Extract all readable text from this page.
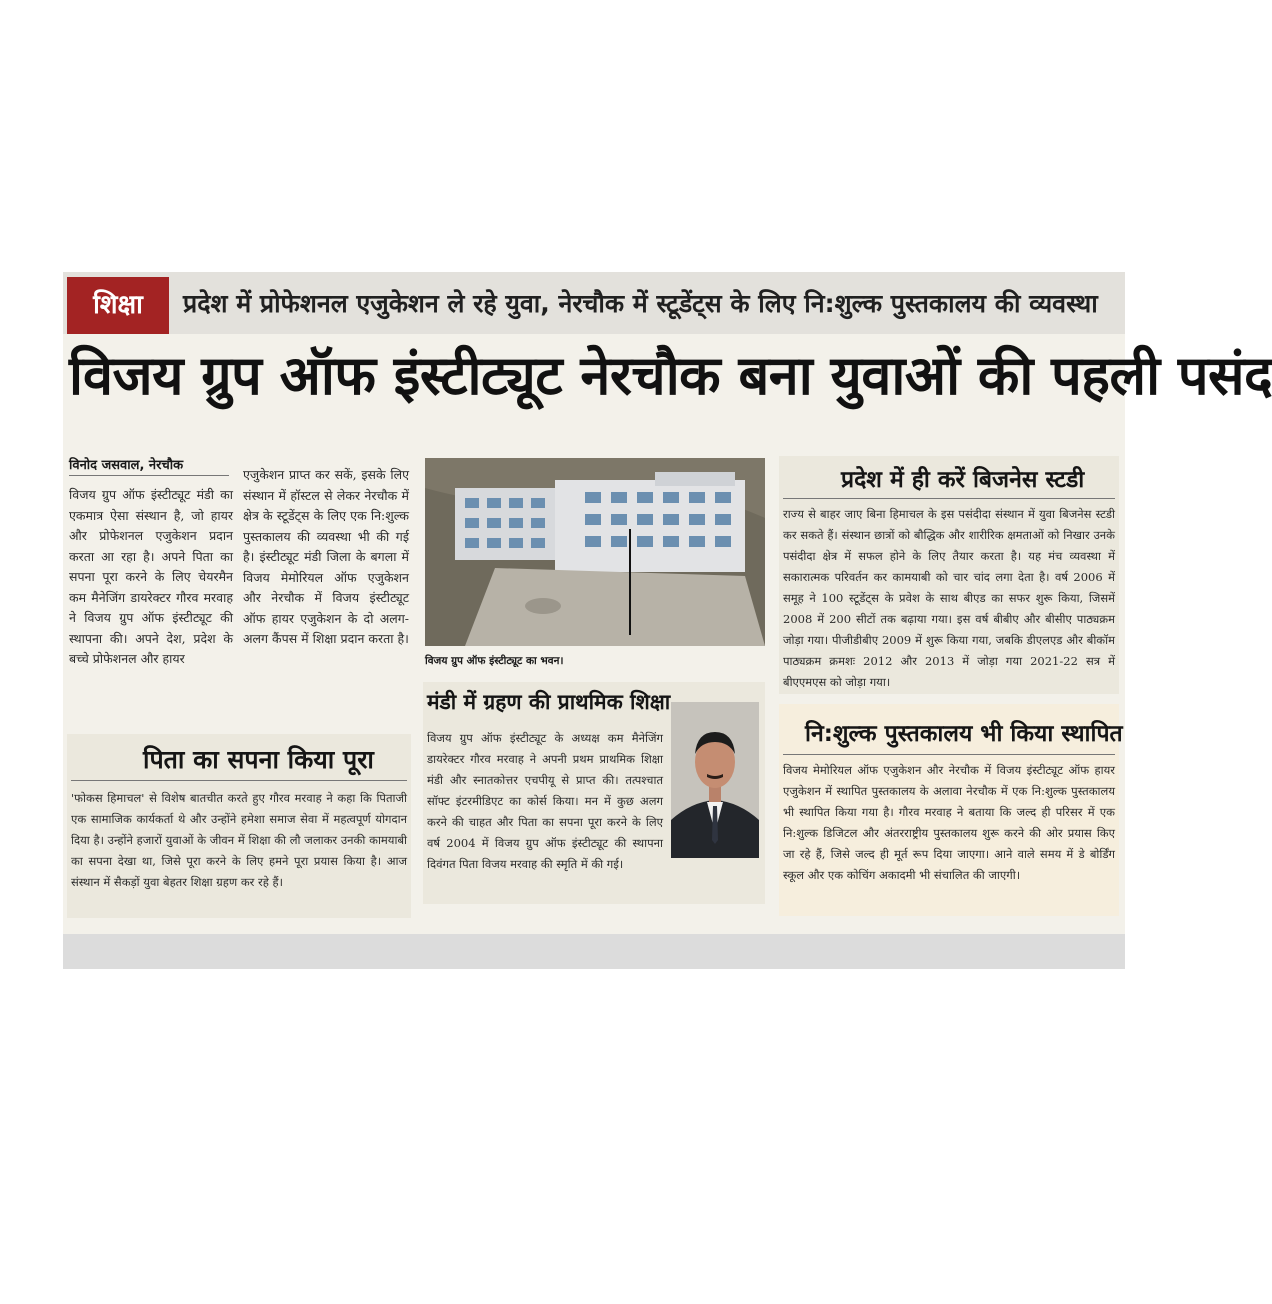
शिक्षा	प्रदेश में प्रोफेशनल एजुकेशन ले रहे युवा, नेरचौक में स्टूडेंट्स के लिए नि:शुल्क पुस्तकालय की व्यवस्था
विजय ग्रुप ऑफ इंस्टीट्यूट नेरचौक बना युवाओं की पहली पसंद
विनोद जसवाल, नेरचौक
विजय ग्रुप ऑफ इंस्टीट्यूट मंडी का एकमात्र ऐसा संस्थान है, जो हायर और प्रोफेशनल एजुकेशन प्रदान करता आ रहा है। अपने पिता का सपना पूरा करने के लिए चेयरमैन कम मैनेजिंग डायरेक्टर गौरव मरवाह ने विजय ग्रुप ऑफ इंस्टीट्यूट की स्थापना की। अपने देश, प्रदेश के बच्चे प्रोफेशनल और हायर
एजुकेशन प्राप्त कर सकें, इसके लिए संस्थान में हॉस्टल से लेकर नेरचौक में क्षेत्र के स्टूडेंट्स के लिए एक नि:शुल्क पुस्तकालय की व्यवस्था भी की गई है। इंस्टीट्यूट मंडी जिला के बगला में विजय मेमोरियल ऑफ एजुकेशन और नेरचौक में विजय इंस्टीट्यूट ऑफ हायर एजुकेशन के दो अलग-अलग कैंपस में शिक्षा प्रदान करता है।
विजय ग्रुप ऑफ इंस्टीट्यूट का भवन।
पिता का सपना किया पूरा
'फोकस हिमाचल' से विशेष बातचीत करते हुए गौरव मरवाह ने कहा कि पिताजी एक सामाजिक कार्यकर्ता थे और उन्होंने हमेशा समाज सेवा में महत्वपूर्ण योगदान दिया है। उन्होंने हजारों युवाओं के जीवन में शिक्षा की लौ जलाकर उनकी कामयाबी का सपना देखा था, जिसे पूरा करने के लिए हमने पूरा प्रयास किया है। आज संस्थान में सैकड़ों युवा बेहतर शिक्षा ग्रहण कर रहे हैं।
मंडी में ग्रहण की प्राथमिक शिक्षा
विजय ग्रुप ऑफ इंस्टीट्यूट के अध्यक्ष कम मैनेजिंग डायरेक्टर गौरव मरवाह ने अपनी प्रथम प्राथमिक शिक्षा मंडी और स्नातकोत्तर एचपीयू से प्राप्त की। तत्पश्चात सॉफ्ट इंटरमीडिएट का कोर्स किया। मन में कुछ अलग करने की चाहत और पिता का सपना पूरा करने के लिए वर्ष 2004 में विजय ग्रुप ऑफ इंस्टीट्यूट की स्थापना दिवंगत पिता विजय मरवाह की स्मृति में की गई।
प्रदेश में ही करें बिजनेस स्टडी
राज्य से बाहर जाए बिना हिमाचल के इस पसंदीदा संस्थान में युवा बिजनेस स्टडी कर सकते हैं। संस्थान छात्रों को बौद्धिक और शारीरिक क्षमताओं को निखार उनके पसंदीदा क्षेत्र में सफल होने के लिए तैयार करता है। यह मंच व्यवस्था में सकारात्मक परिवर्तन कर कामयाबी को चार चांद लगा देता है। वर्ष 2006 में समूह ने 100 स्टूडेंट्स के प्रवेश के साथ बीएड का सफर शुरू किया, जिसमें 2008 में 200 सीटों तक बढ़ाया गया। इस वर्ष बीबीए और बीसीए पाठ्यक्रम जोड़ा गया। पीजीडीबीए 2009 में शुरू किया गया, जबकि डीएलएड और बीकॉम पाठ्यक्रम क्रमशः 2012 और 2013 में जोड़ा गया 2021-22 सत्र में बीएएमएस को जोड़ा गया।
नि:शुल्क पुस्तकालय भी किया स्थापित
विजय मेमोरियल ऑफ एजुकेशन और नेरचौक में विजय इंस्टीट्यूट ऑफ हायर एजुकेशन में स्थापित पुस्तकालय के अलावा नेरचौक में एक नि:शुल्क पुस्तकालय भी स्थापित किया गया है। गौरव मरवाह ने बताया कि जल्द ही परिसर में एक नि:शुल्क डिजिटल और अंतरराष्ट्रीय पुस्तकालय शुरू करने की ओर प्रयास किए जा रहे हैं, जिसे जल्द ही मूर्त रूप दिया जाएगा। आने वाले समय में डे बोर्डिंग स्कूल और एक कोचिंग अकादमी भी संचालित की जाएगी।
